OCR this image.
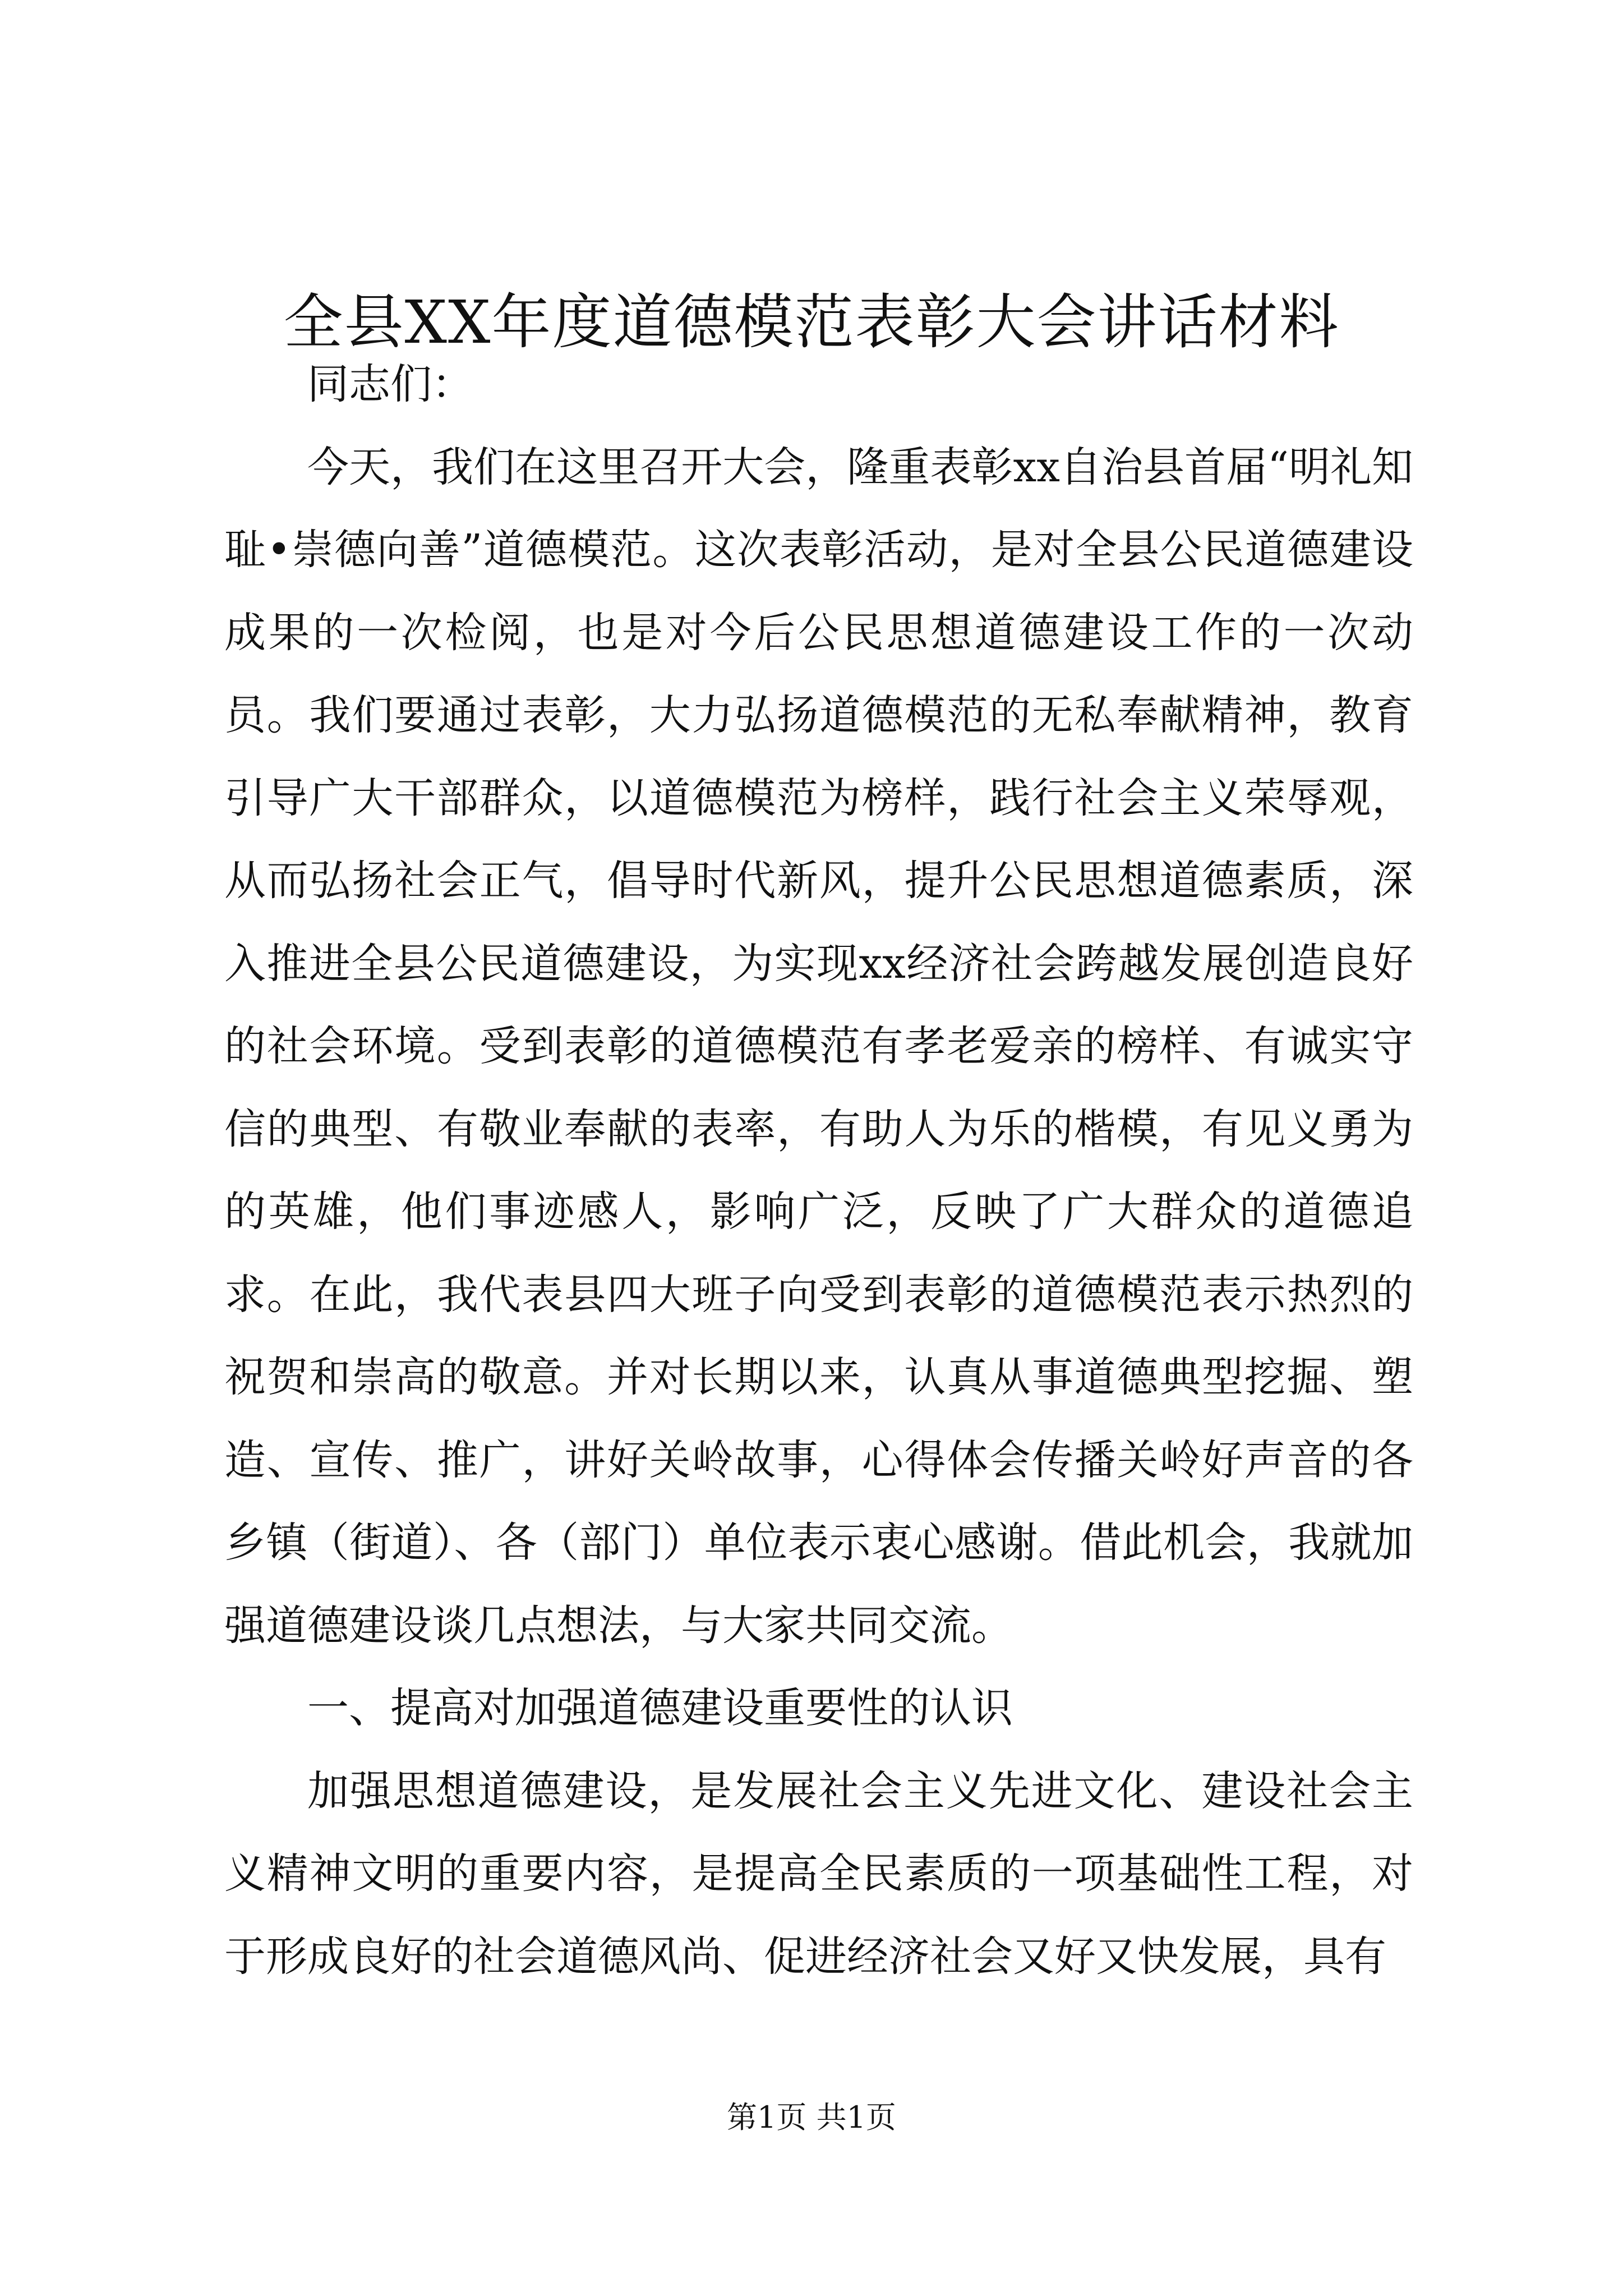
全县XX年度道德模范表彰大会讲话材料

同志们：

今天，我们在这里召开大会，隆重表彰xx自治县首届“明礼知耻•崇德向善”道德模范。这次表彰活动，是对全县公民道德建设成果的一次检阅，也是对今后公民思想道德建设工作的一次动员。我们要通过表彰，大力弘扬道德模范的无私奉献精神，教育引导广大干部群众，以道德模范为榜样，践行社会主义荣辱观，从而弘扬社会正气，倡导时代新风，提升公民思想道德素质，深入推进全县公民道德建设，为实现xx经济社会跨越发展创造良好的社会环境。受到表彰的道德模范有孝老爱亲的榜样、有诚实守信的典型、有敬业奉献的表率，有助人为乐的楷模，有见义勇为的英雄，他们事迹感人，影响广泛，反映了广大群众的道德追求。在此，我代表县四大班子向受到表彰的道德模范表示热烈的祝贺和崇高的敬意。并对长期以来，认真从事道德典型挖掘、塑造、宣传、推广，讲好关岭故事，心得体会传播关岭好声音的各乡镇（街道）、各（部门）单位表示衷心感谢。借此机会，我就加强道德建设谈几点想法，与大家共同交流。

一、提高对加强道德建设重要性的认识

加强思想道德建设，是发展社会主义先进文化、建设社会主义精神文明的重要内容，是提高全民素质的一项基础性工程，对于形成良好的社会道德风尚、促进经济社会又好又快发展，具有

第1页 共1页
